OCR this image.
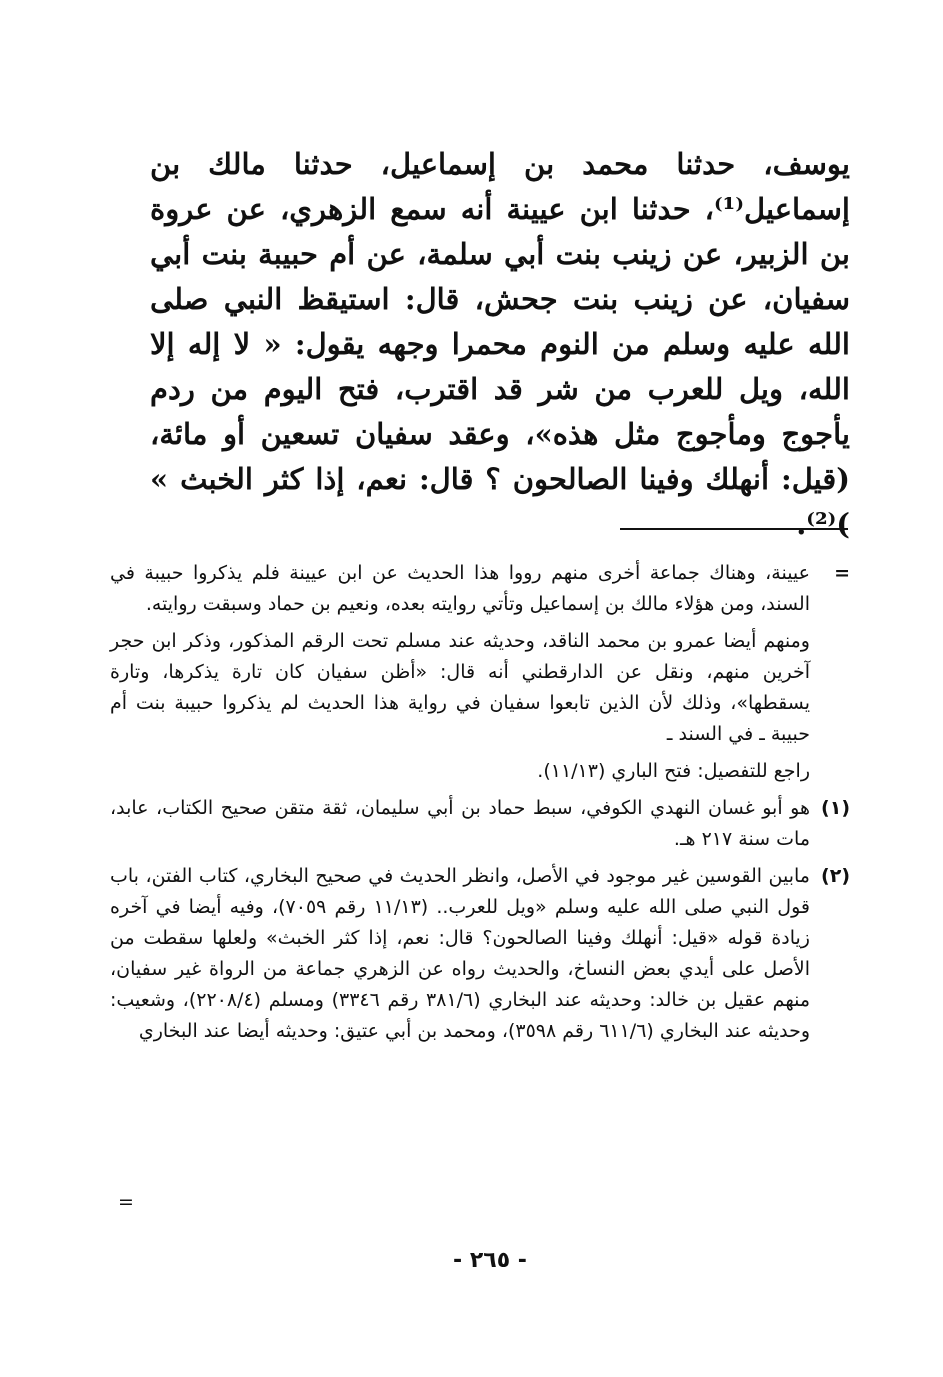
يوسف، حدثنا محمد بن إسماعيل، حدثنا مالك بن إسماعيل⁽¹⁾، حدثنا ابن عيينة أنه سمع الزهري، عن عروة بن الزبير، عن زينب بنت أبي سلمة، عن أم حبيبة بنت أبي سفيان، عن زينب بنت جحش، قال: استيقظ النبي صلى الله عليه وسلم من النوم محمرا وجهه يقول: « لا إله إلا الله، ويل للعرب من شر قد اقترب، فتح اليوم من ردم يأجوج ومأجوج مثل هذه»، وعقد سفيان تسعين أو مائة، (قيل: أنهلك وفينا الصالحون ؟ قال: نعم، إذا كثر الخبث » )⁽²⁾.

=

عيينة، وهناك جماعة أخرى منهم رووا هذا الحديث عن ابن عيينة فلم يذكروا حبيبة في السند، ومن هؤلاء مالك بن إسماعيل وتأتي روايته بعده، ونعيم بن حماد وسبقت روايته.

ومنهم أيضا عمرو بن محمد الناقد، وحديثه عند مسلم تحت الرقم المذكور، وذكر ابن حجر آخرين منهم، ونقل عن الدارقطني أنه قال: «أظن سفيان كان تارة يذكرها، وتارة يسقطها»، وذلك لأن الذين تابعوا سفيان في رواية هذا الحديث لم يذكروا حبيبة بنت أم حبيبة ـ في السند ـ

راجع للتفصيل: فتح الباري (١١/١٣).

(١)

هو أبو غسان النهدي الكوفي، سبط حماد بن أبي سليمان، ثقة متقن صحيح الكتاب، عابد، مات سنة ٢١٧ هـ.

(٢)

مابين القوسين غير موجود في الأصل، وانظر الحديث في صحيح البخاري، كتاب الفتن، باب قول النبي صلى الله عليه وسلم «ويل للعرب.. (١١/١٣ رقم ٧٠٥٩)، وفيه أيضا في آخره زيادة قوله «قيل: أنهلك وفينا الصالحون؟ قال: نعم، إذا كثر الخبث» ولعلها سقطت من الأصل على أيدي بعض النساخ، والحديث رواه عن الزهري جماعة من الرواة غير سفيان، منهم عقيل بن خالد: وحديثه عند البخاري (٣٨١/٦ رقم ٣٣٤٦) ومسلم (٢٢٠٨/٤)، وشعيب: وحديثه عند البخاري (٦١١/٦ رقم ٣٥٩٨)، ومحمد بن أبي عتيق: وحديثه أيضا عند البخاري

=
- ٢٦٥ -
